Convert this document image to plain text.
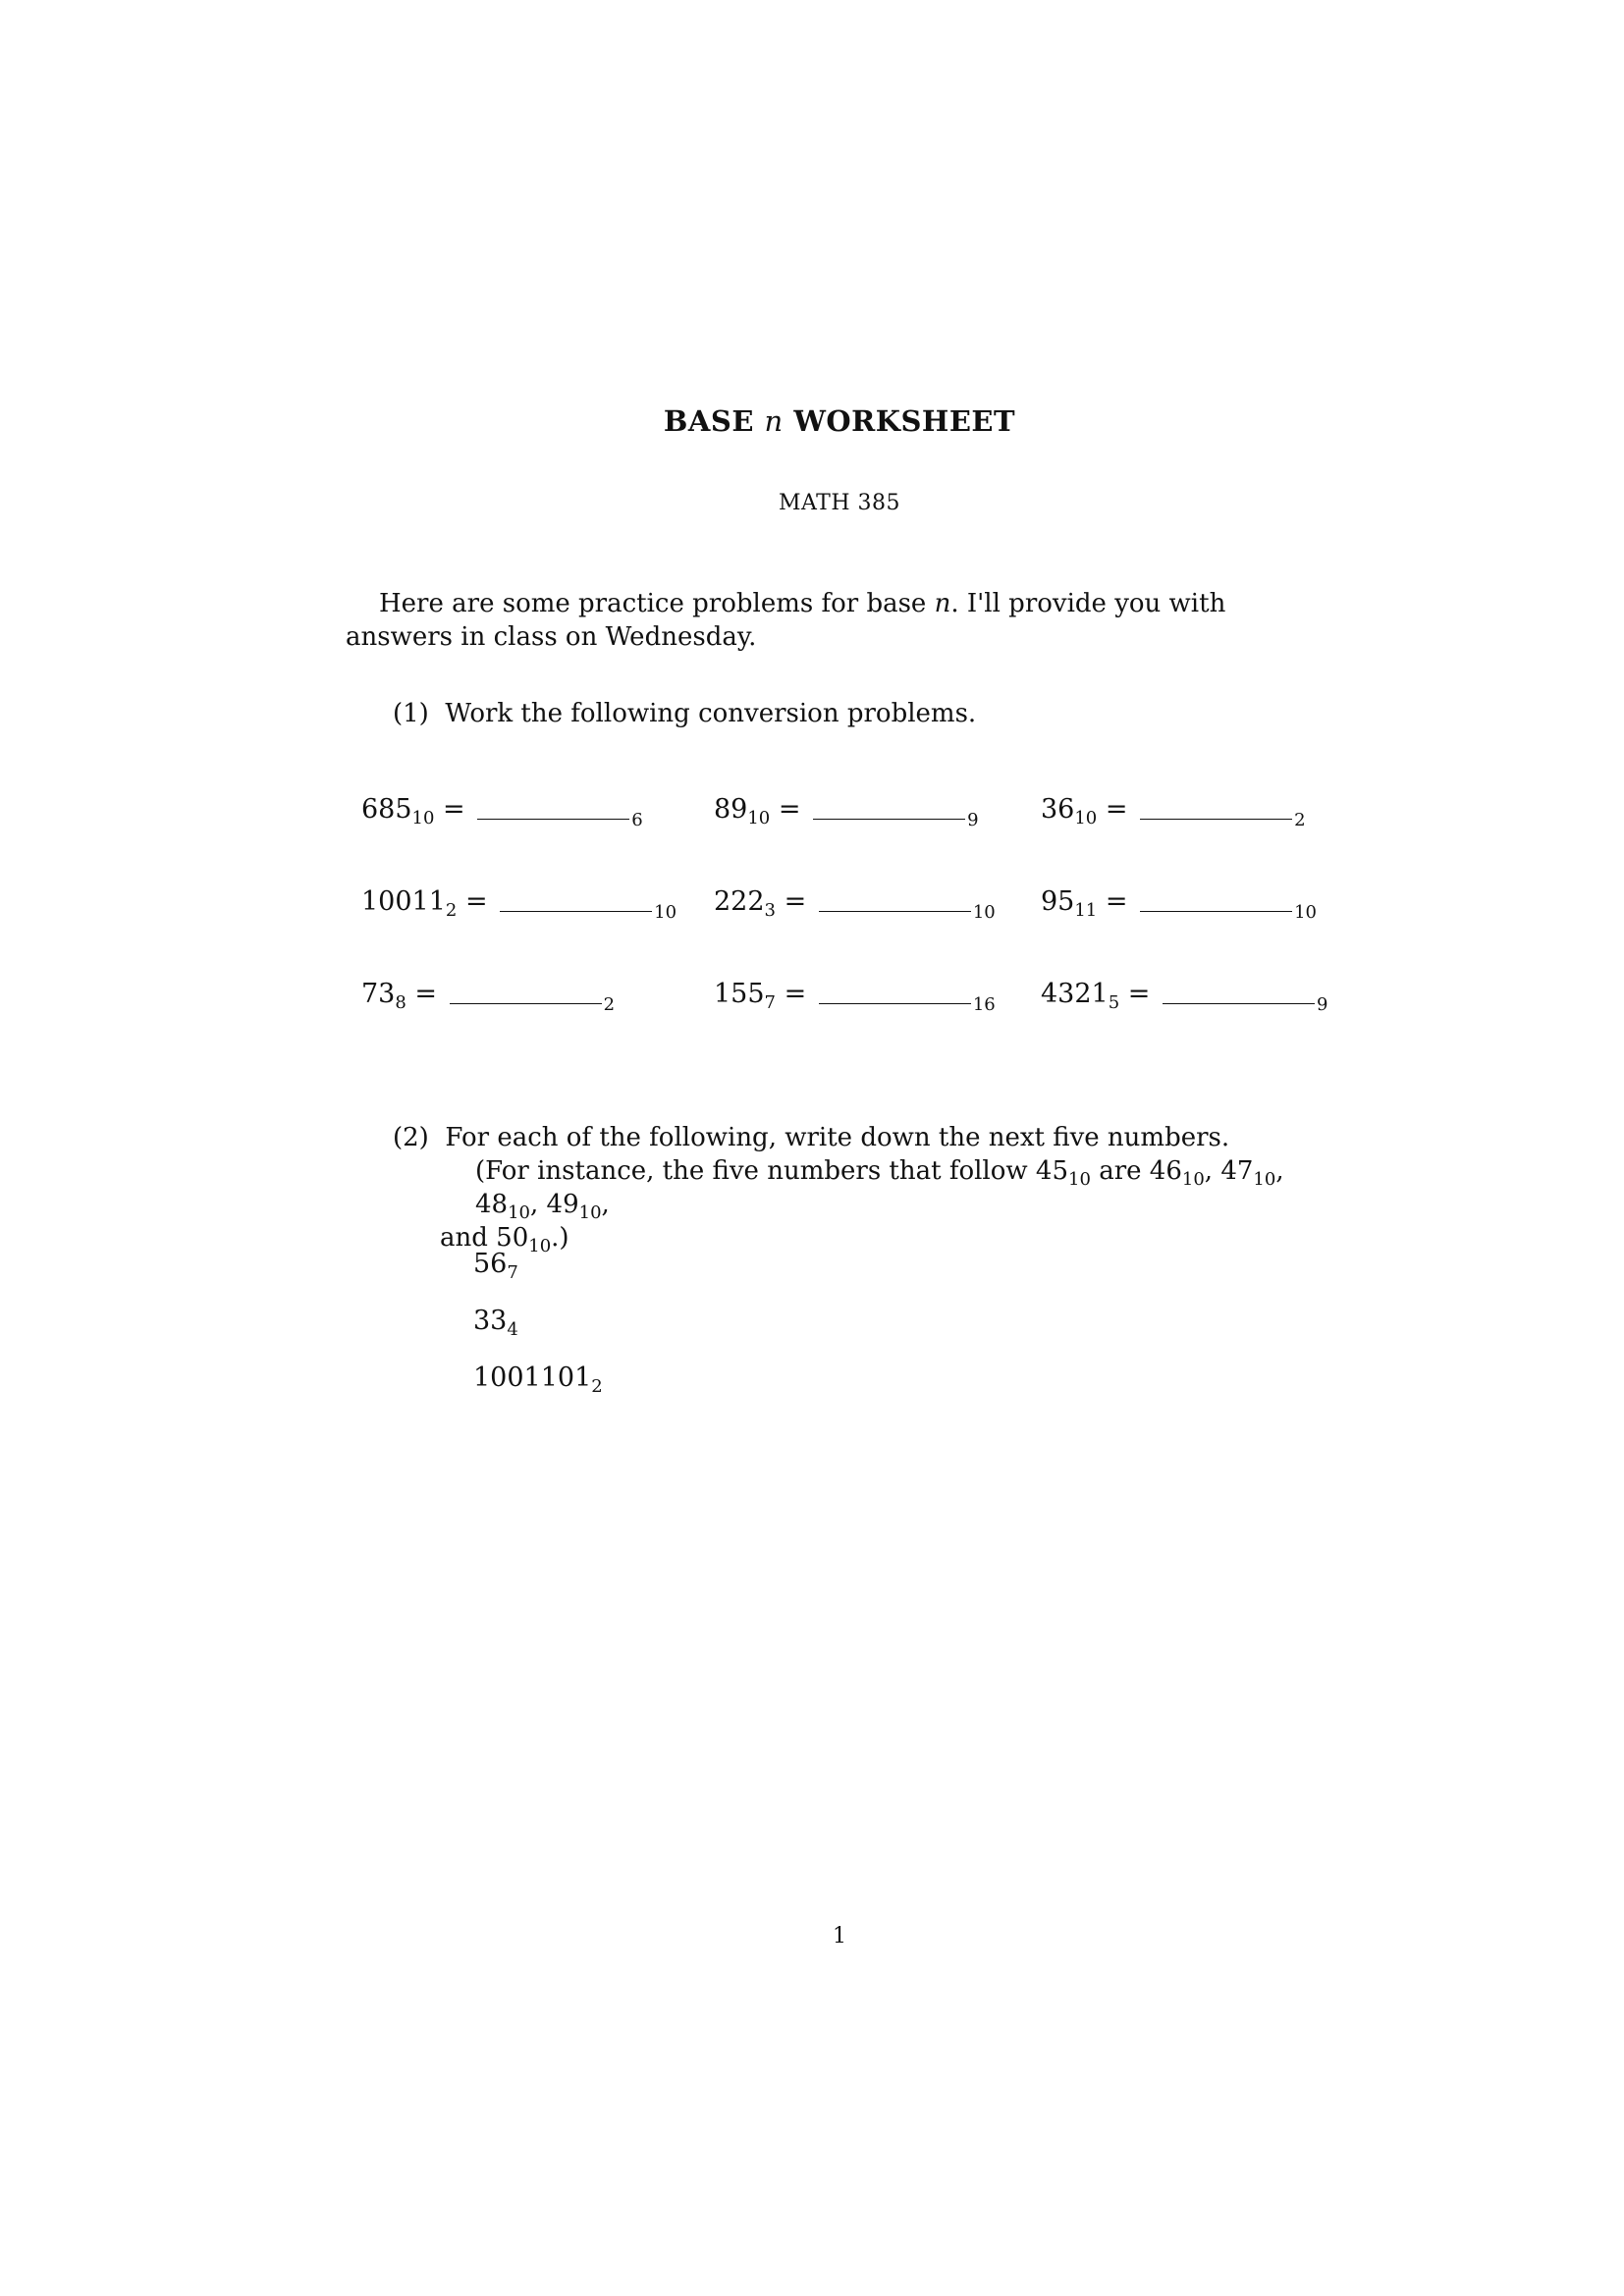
BASE n WORKSHEET
MATH 385
Here are some practice problems for base n. I'll provide you with answers in class on Wednesday.
(1) Work the following conversion problems.
$685_{10}$ =	$_6$	$89_{10}$ =	$_9$ $36_{10}$ =	$_2$
$10011_2$ =	$_{10}$ $222_3$ =	$_{10}$ $95_{11}$ =	$_{10}$
$73_8$ =	$_2$	$155_7$ =	$_{16}$ $4321_5$ =	$_9$
(2) For each of the following, write down the next five numbers.
(For instance, the five numbers that follow $45_{10}$ are $46_{10}$, $47_{10}$, $48_{10}$, $49_{10}$,
and $50_{10}$.)
$56_7$
$33_4$
$1001101_2$
1
